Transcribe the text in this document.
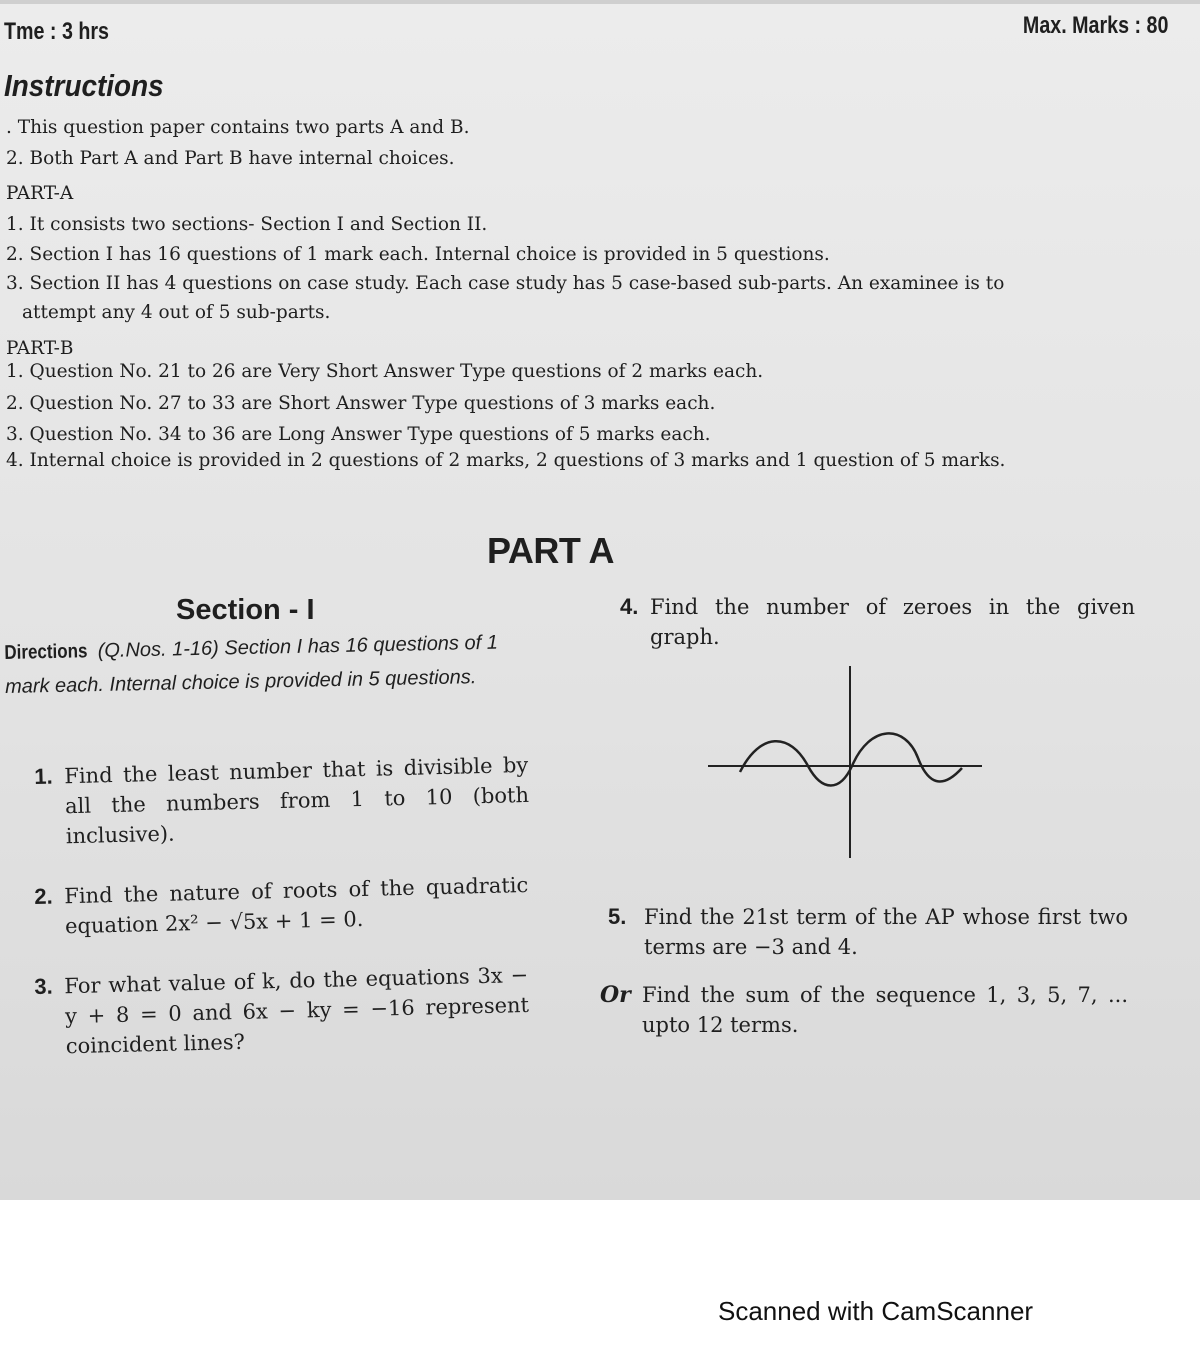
Tme : 3 hrs	Max. Marks : 80
Instructions
. This question paper contains two parts A and B.
2. Both Part A and Part B have internal choices.
PART-A
1. It consists two sections- Section I and Section II.
2. Section I has 16 questions of 1 mark each. Internal choice is provided in 5 questions.
3. Section II has 4 questions on case study. Each case study has 5 case-based sub-parts. An examinee is to
attempt any 4 out of 5 sub-parts.
PART-B
1. Question No. 21 to 26 are Very Short Answer Type questions of 2 marks each.
2. Question No. 27 to 33 are Short Answer Type questions of 3 marks each.
3. Question No. 34 to 36 are Long Answer Type questions of 5 marks each.
4. Internal choice is provided in 2 questions of 2 marks, 2 questions of 3 marks and 1 question of 5 marks.
PART A
Section - I
Directions (Q.Nos. 1-16) Section I has 16 questions of 1 mark each. Internal choice is provided in 5 questions.
1. Find the least number that is divisible by all the numbers from 1 to 10 (both inclusive).
2. Find the nature of roots of the quadratic equation 2x² − √5x + 1 = 0.
3. For what value of k, do the equations 3x − y + 8 = 0 and 6x − ky = −16 represent coincident lines?
4. Find the number of zeroes in the given graph.
5. Find the 21st term of the AP whose first two terms are −3 and 4.
Or Find the sum of the sequence 1, 3, 5, 7, ... upto 12 terms.
Scanned with CamScanner
